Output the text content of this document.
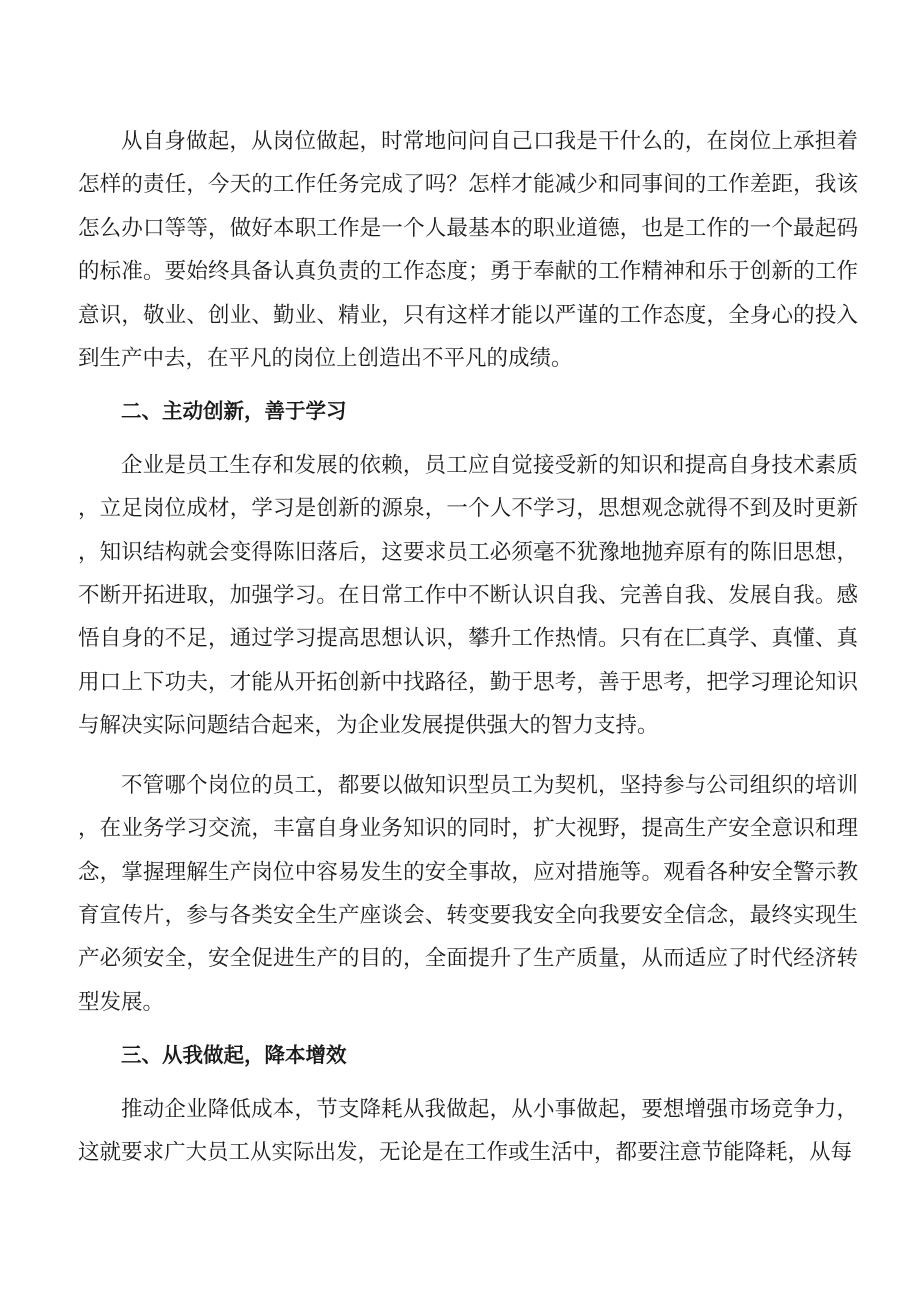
从自身做起，从岗位做起，时常地问问自己口我是干什么的，在岗位上承担着怎样的责任，今天的工作任务完成了吗？怎样才能减少和同事间的工作差距，我该怎么办口等等，做好本职工作是一个人最基本的职业道德，也是工作的一个最起码的标准。要始终具备认真负责的工作态度；勇于奉献的工作精神和乐于创新的工作意识，敬业、创业、勤业、精业，只有这样才能以严谨的工作态度，全身心的投入到生产中去，在平凡的岗位上创造出不平凡的成绩。

二、主动创新，善于学习

企业是员工生存和发展的依赖，员工应自觉接受新的知识和提高自身技术素质，立足岗位成材，学习是创新的源泉，一个人不学习，思想观念就得不到及时更新，知识结构就会变得陈旧落后，这要求员工必须毫不犹豫地抛弃原有的陈旧思想，不断开拓进取，加强学习。在日常工作中不断认识自我、完善自我、发展自我。感悟自身的不足，通过学习提高思想认识，攀升工作热情。只有在匚真学、真懂、真用口上下功夫，才能从开拓创新中找路径，勤于思考，善于思考，把学习理论知识与解决实际问题结合起来，为企业发展提供强大的智力支持。

不管哪个岗位的员工，都要以做知识型员工为契机，坚持参与公司组织的培训，在业务学习交流，丰富自身业务知识的同时，扩大视野，提高生产安全意识和理念，掌握理解生产岗位中容易发生的安全事故，应对措施等。观看各种安全警示教育宣传片，参与各类安全生产座谈会、转变要我安全向我要安全信念，最终实现生产必须安全，安全促进生产的目的，全面提升了生产质量，从而适应了时代经济转型发展。

三、从我做起，降本增效

推动企业降低成本，节支降耗从我做起，从小事做起，要想增强市场竞争力，这就要求广大员工从实际出发，无论是在工作或生活中，都要注意节能降耗，从每
